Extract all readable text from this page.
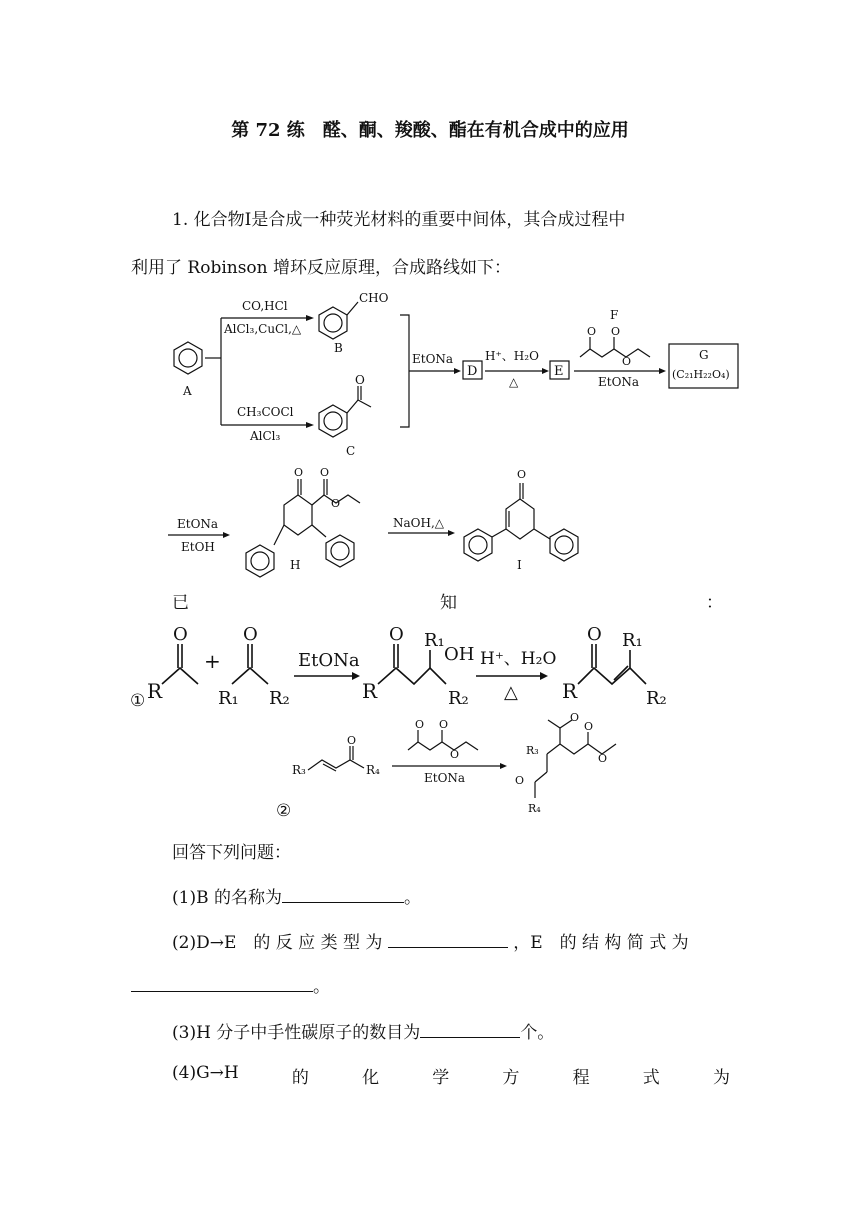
第 72 练　醛、酮、羧酸、酯在有机合成中的应用
1. 化合物Ⅰ是合成一种荧光材料的重要中间体，其合成过程中
利用了 Robinson 增环反应原理，合成路线如下：
A
CO,HCl
AlCl₃,CuCl,△
CH₃COCl
AlCl₃
CHO
B
O
C
EtONa
D
H⁺、H₂O
△
E
F
O O
O
EtONa
G
(C₂₁H₂₂O₄)
EtONa
EtOH
O O
O
H
NaOH,△
O
I
已	知	：
① R
O
+
O
R₁ R₂
EtONa
R
O R₁
OH
R₂
H⁺、H₂O
△ R
O R₁
R₂
R₃
O
R₄
O O
O
EtONa
O
O
O
R₃
O
R₄
②
回答下列问题：
(1)B 的名称为	。
(2)D→E　的 反 应 类 型 为	，E　的 结 构 简 式 为
。
(3)H 分子中手性碳原子的数目为	个。
(4)G→H	的	化	学	方	程	式	为
